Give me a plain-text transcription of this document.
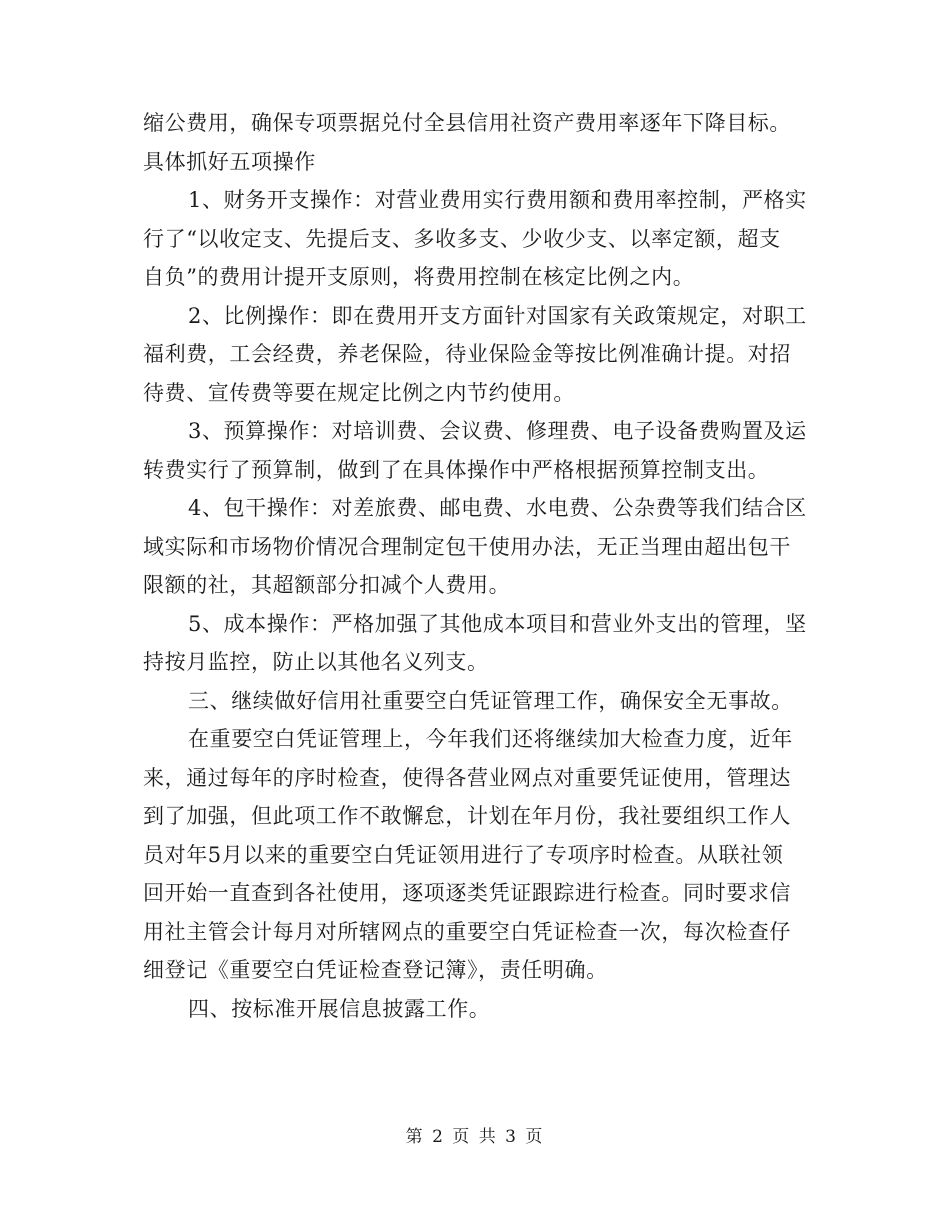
缩公费用，确保专项票据兑付全县信用社资产费用率逐年下降目标。
具体抓好五项操作
1、财务开支操作：对营业费用实行费用额和费用率控制，严格实
行了“以收定支、先提后支、多收多支、少收少支、以率定额，超支
自负”的费用计提开支原则，将费用控制在核定比例之内。
2、比例操作：即在费用开支方面针对国家有关政策规定，对职工
福利费，工会经费，养老保险，待业保险金等按比例准确计提。对招
待费、宣传费等要在规定比例之内节约使用。
3、预算操作：对培训费、会议费、修理费、电子设备费购置及运
转费实行了预算制，做到了在具体操作中严格根据预算控制支出。
4、包干操作：对差旅费、邮电费、水电费、公杂费等我们结合区
域实际和市场物价情况合理制定包干使用办法，无正当理由超出包干
限额的社，其超额部分扣减个人费用。
5、成本操作：严格加强了其他成本项目和营业外支出的管理，坚
持按月监控，防止以其他名义列支。
三、继续做好信用社重要空白凭证管理工作，确保安全无事故。
在重要空白凭证管理上，今年我们还将继续加大检查力度，近年
来，通过每年的序时检查，使得各营业网点对重要凭证使用，管理达
到了加强，但此项工作不敢懈怠，计划在年月份，我社要组织工作人
员对年5月以来的重要空白凭证领用进行了专项序时检查。从联社领
回开始一直查到各社使用，逐项逐类凭证跟踪进行检查。同时要求信
用社主管会计每月对所辖网点的重要空白凭证检查一次，每次检查仔
细登记《重要空白凭证检查登记簿》，责任明确。
四、按标准开展信息披露工作。
第 2 页 共 3 页
